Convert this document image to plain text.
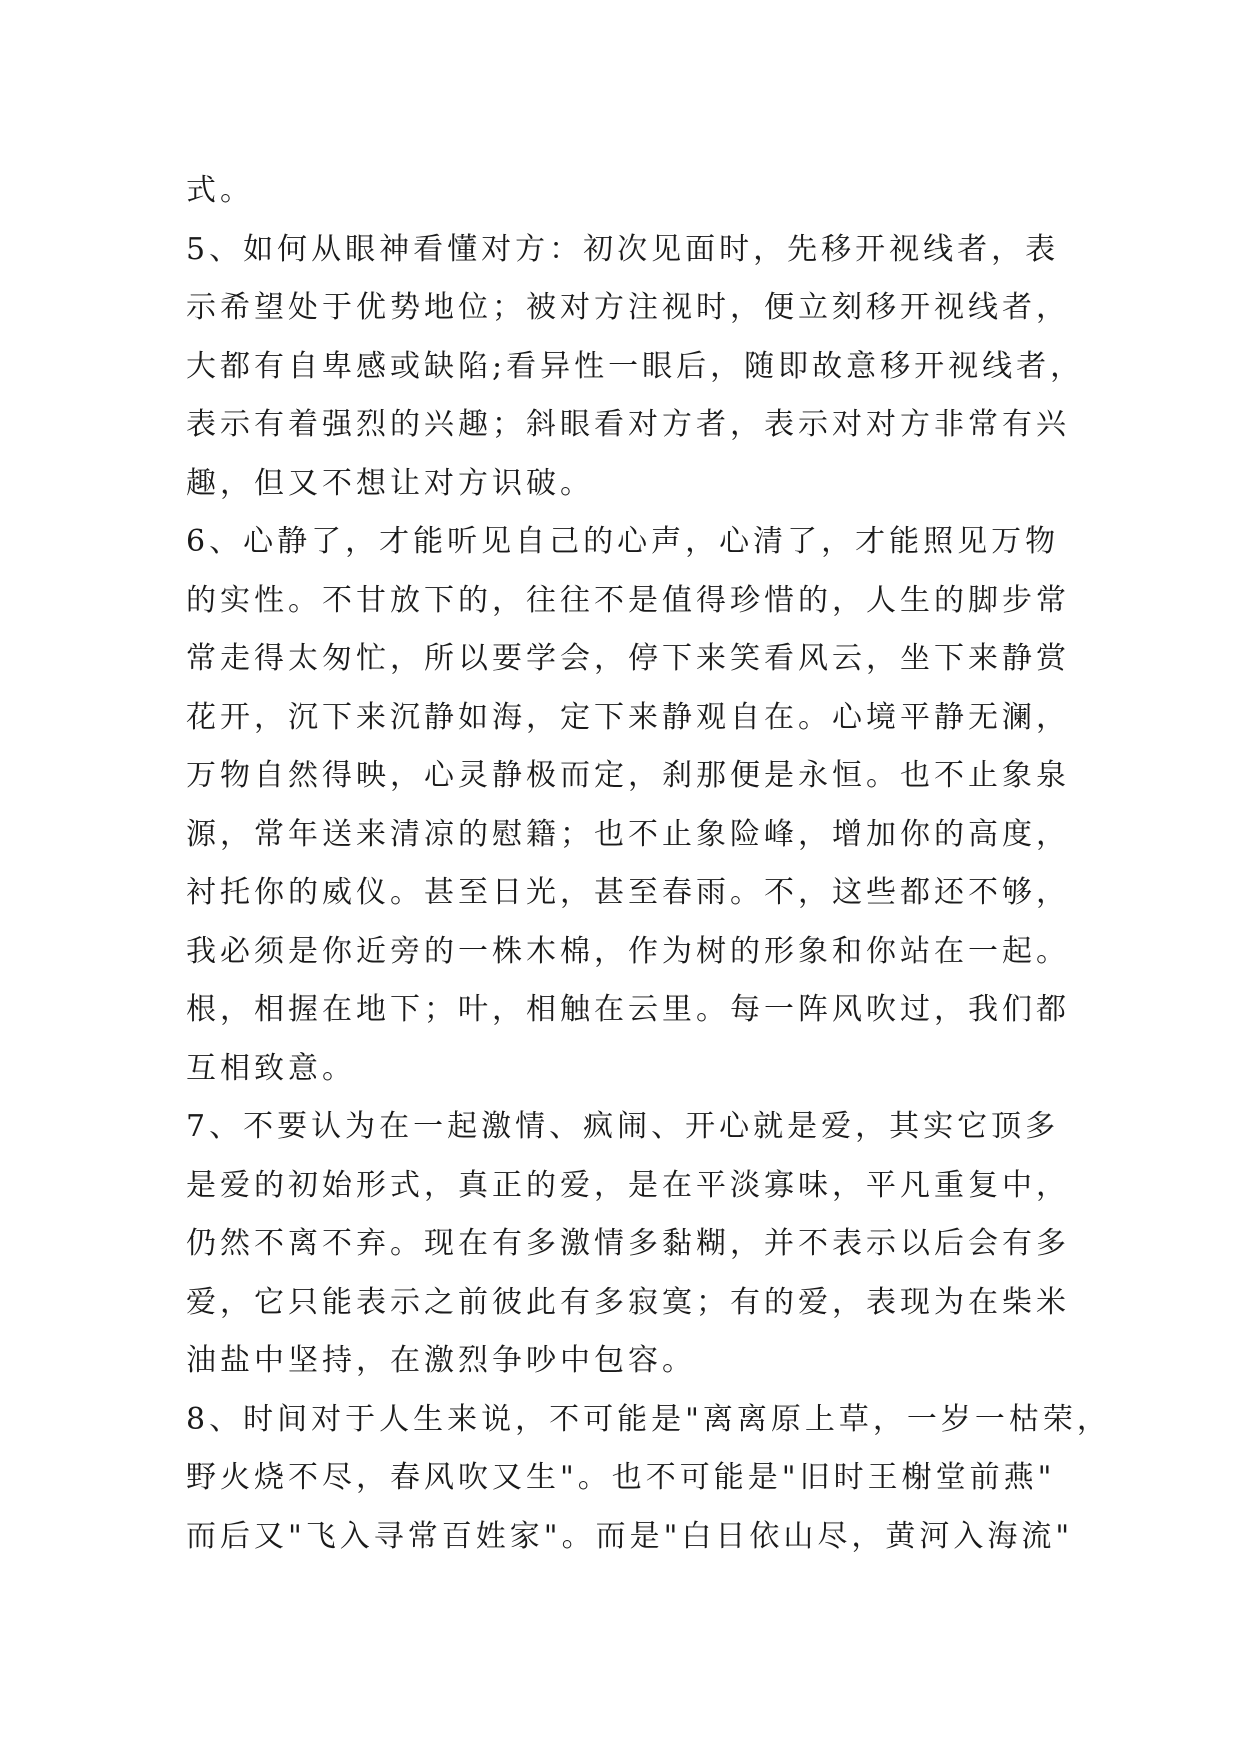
式。
5、如何从眼神看懂对方：初次见面时，先移开视线者，表
示希望处于优势地位；被对方注视时，便立刻移开视线者，
大都有自卑感或缺陷;看异性一眼后，随即故意移开视线者，
表示有着强烈的兴趣；斜眼看对方者，表示对对方非常有兴
趣，但又不想让对方识破。
6、心静了，才能听见自己的心声，心清了，才能照见万物
的实性。不甘放下的，往往不是值得珍惜的，人生的脚步常
常走得太匆忙，所以要学会，停下来笑看风云，坐下来静赏
花开，沉下来沉静如海，定下来静观自在。心境平静无澜，
万物自然得映，心灵静极而定，刹那便是永恒。也不止象泉
源，常年送来清凉的慰籍；也不止象险峰，增加你的高度，
衬托你的威仪。甚至日光，甚至春雨。不，这些都还不够，
我必须是你近旁的一株木棉，作为树的形象和你站在一起。
根，相握在地下；叶，相触在云里。每一阵风吹过，我们都
互相致意。
7、不要认为在一起激情、疯闹、开心就是爱，其实它顶多
是爱的初始形式，真正的爱，是在平淡寡味，平凡重复中，
仍然不离不弃。现在有多激情多黏糊，并不表示以后会有多
爱，它只能表示之前彼此有多寂寞；有的爱，表现为在柴米
油盐中坚持，在激烈争吵中包容。
8、时间对于人生来说，不可能是"离离原上草，一岁一枯荣，
野火烧不尽，春风吹又生"。也不可能是"旧时王榭堂前燕"
而后又"飞入寻常百姓家"。而是"白日依山尽，黄河入海流"
